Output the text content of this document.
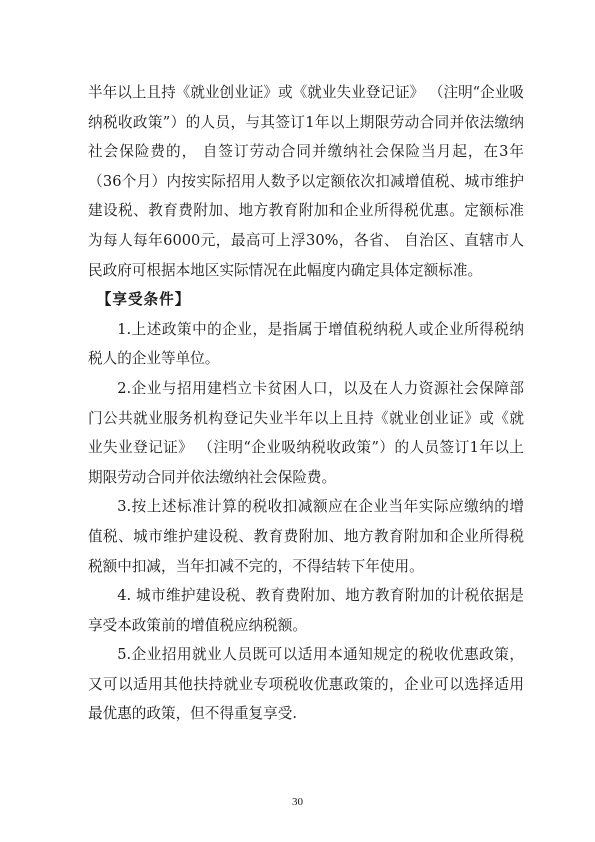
半年以上且持《就业创业证》或《就业失业登记证》 （注明“企业吸纳税收政策”）的人员，与其签订1年以上期限劳动合同并依法缴纳社会保险费的， 自签订劳动合同并缴纳社会保险当月起，在3年（36个月）内按实际招用人数予以定额依次扣减增值税、城市维护建设税、教育费附加、地方教育附加和企业所得税优惠。定额标准为每人每年6000元，最高可上浮30%，各省、 自治区、直辖市人民政府可根据本地区实际情况在此幅度内确定具体定额标准。

【享受条件】

1.上述政策中的企业，是指属于增值税纳税人或企业所得税纳税人的企业等单位。

2.企业与招用建档立卡贫困人口，以及在人力资源社会保障部门公共就业服务机构登记失业半年以上且持《就业创业证》或《就业失业登记证》 （注明“企业吸纳税收政策”）的人员签订1年以上期限劳动合同并依法缴纳社会保险费。

3.按上述标准计算的税收扣减额应在企业当年实际应缴纳的增值税、城市维护建设税、教育费附加、地方教育附加和企业所得税税额中扣减，当年扣减不完的，不得结转下年使用。

4. 城市维护建设税、教育费附加、地方教育附加的计税依据是享受本政策前的增值税应纳税额。

5.企业招用就业人员既可以适用本通知规定的税收优惠政策，又可以适用其他扶持就业专项税收优惠政策的，企业可以选择适用最优惠的政策，但不得重复享受.

30
